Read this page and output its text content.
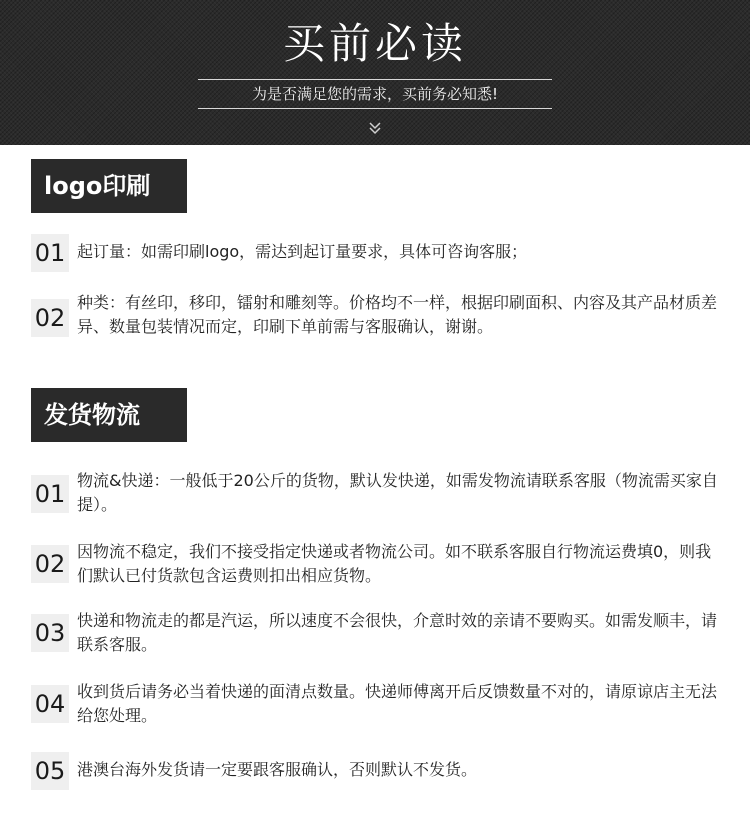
买前必读
为是否满足您的需求，买前务必知悉!
logo印刷
01 起订量：如需印刷logo，需达到起订量要求，具体可咨询客服；
02
种类：有丝印，移印，镭射和雕刻等。价格均不一样，根据印刷面积、内容及其产品材质差异、数量包装情况而定，印刷下单前需与客服确认，谢谢。
发货物流
01 物流&快递：一般低于20公斤的货物，默认发快递，如需发物流请联系客服（物流需买家自提）。
02 因物流不稳定，我们不接受指定快递或者物流公司。如不联系客服自行物流运费填0，则我们默认已付货款包含运费则扣出相应货物。
03 快递和物流走的都是汽运，所以速度不会很快，介意时效的亲请不要购买。如需发顺丰，请联系客服。
04 收到货后请务必当着快递的面清点数量。快递师傅离开后反馈数量不对的，请原谅店主无法给您处理。
05 港澳台海外发货请一定要跟客服确认，否则默认不发货。
